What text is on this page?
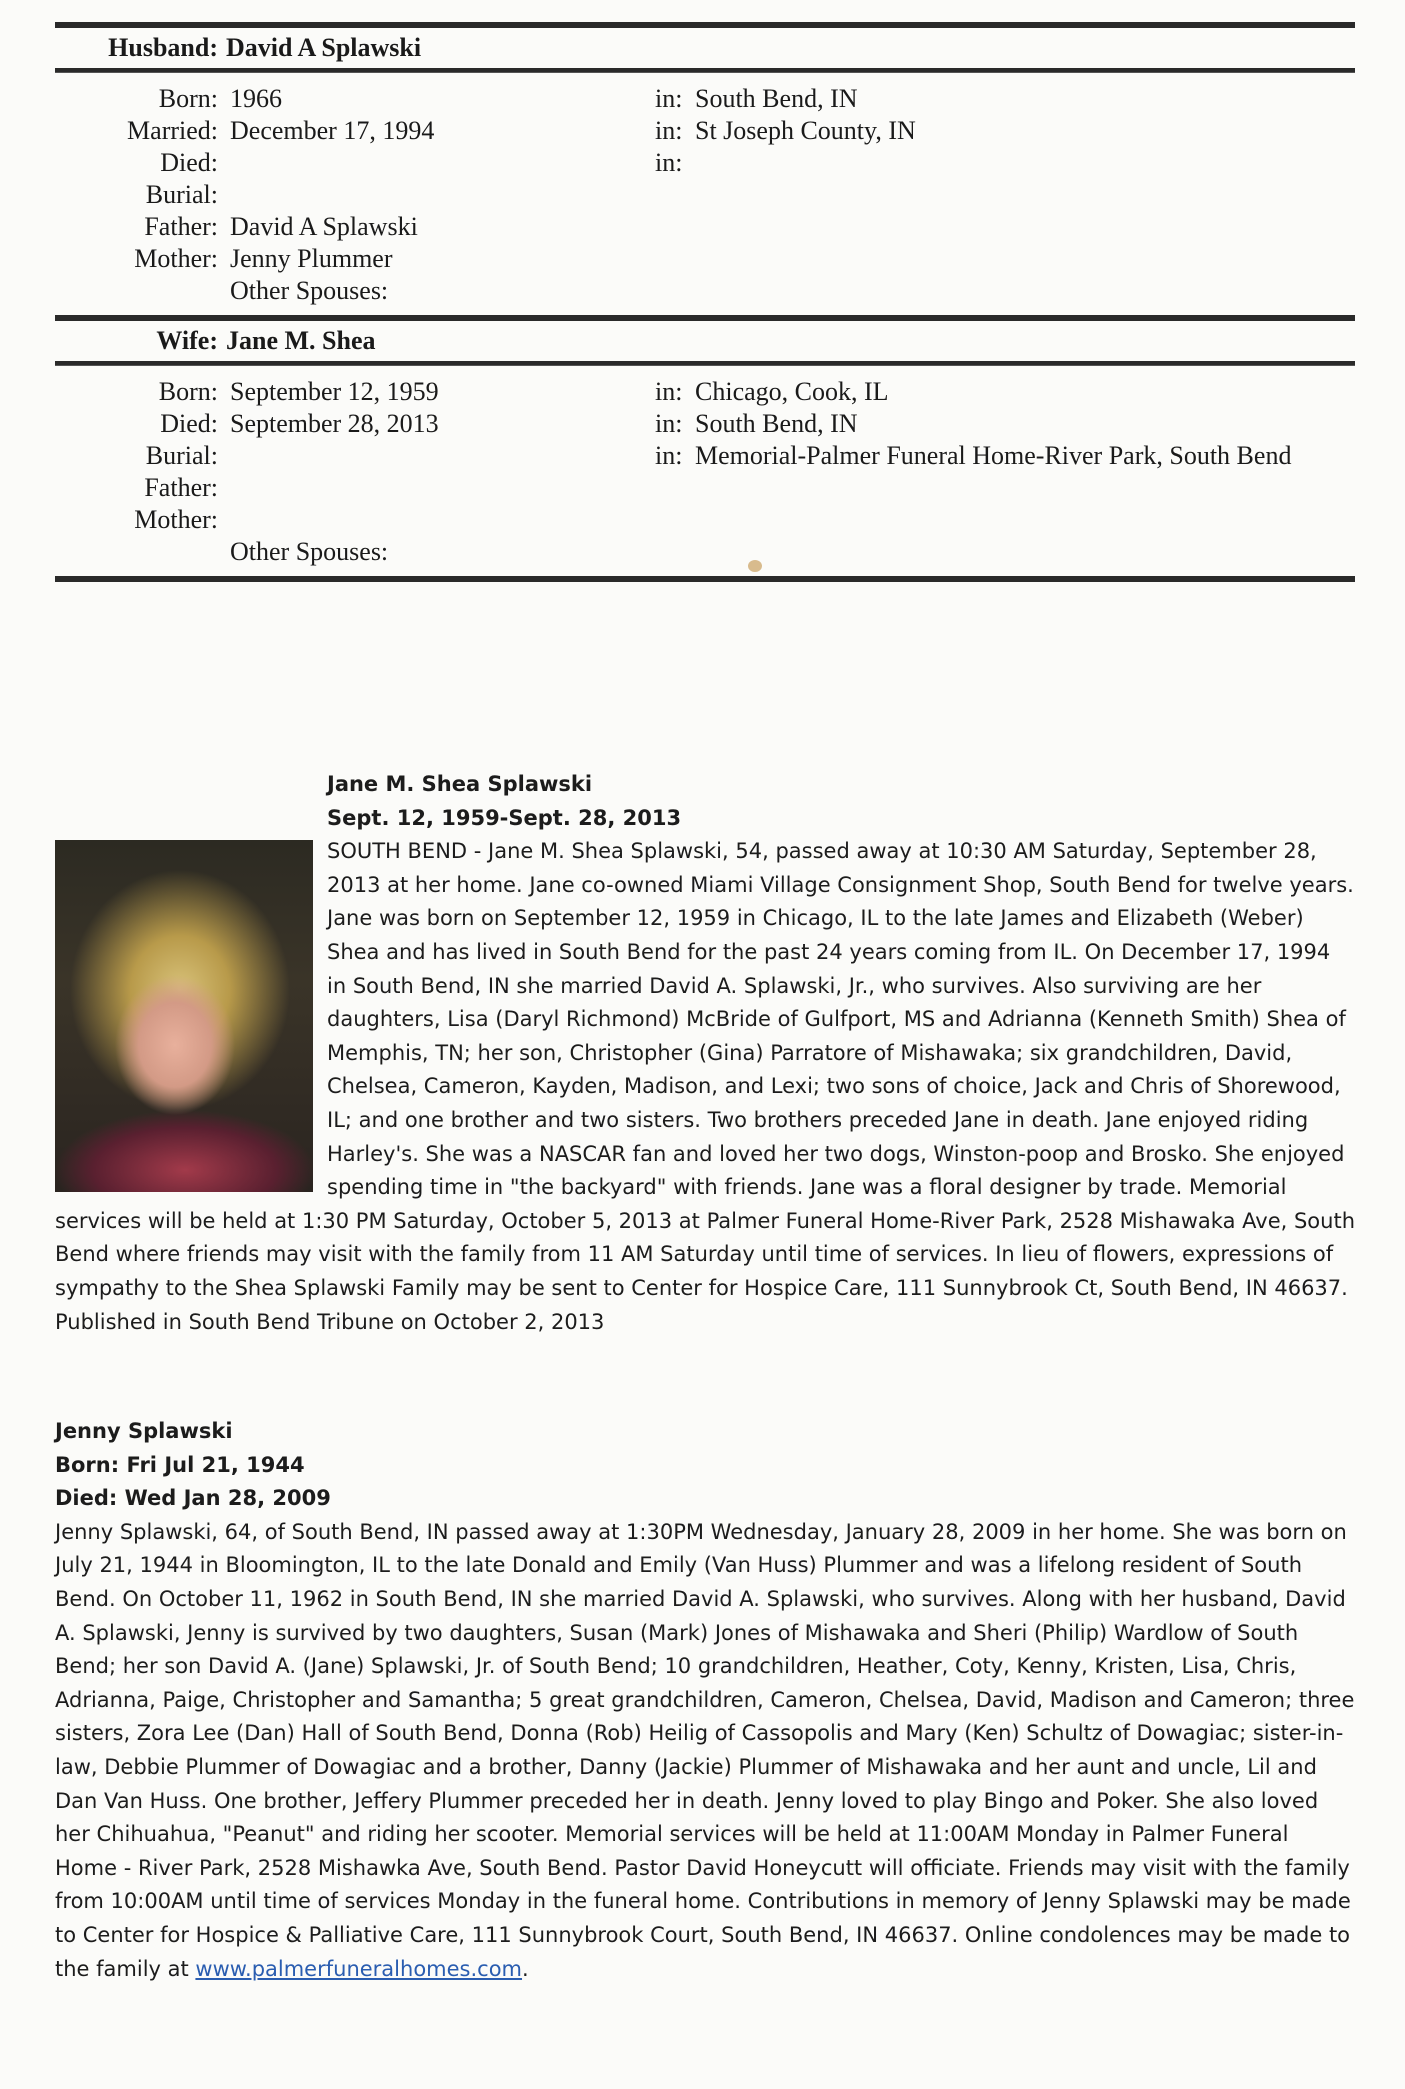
Husband: David A Splawski
Born: 1966	in: South Bend, IN
Married: December 17, 1994	in: St Joseph County, IN
Died:	in:
Burial:
Father: David A Splawski
Mother: Jenny Plummer
Other Spouses:
Wife: Jane M. Shea
Born: September 12, 1959	in: Chicago, Cook, IL
Died: September 28, 2013	in: South Bend, IN
Burial:	in: Memorial-Palmer Funeral Home-River Park, South Bend
Father:
Mother:
Other Spouses:
Jane M. Shea Splawski
Sept. 12, 1959-Sept. 28, 2013

SOUTH BEND - Jane M. Shea Splawski, 54, passed away at 10:30 AM Saturday, September 28, 2013 at her home. Jane co-owned Miami Village Consignment Shop, South Bend for twelve years. Jane was born on September 12, 1959 in Chicago, IL to the late James and Elizabeth (Weber) Shea and has lived in South Bend for the past 24 years coming from IL. On December 17, 1994 in South Bend, IN she married David A. Splawski, Jr., who survives. Also surviving are her daughters, Lisa (Daryl Richmond) McBride of Gulfport, MS and Adrianna (Kenneth Smith) Shea of Memphis, TN; her son, Christopher (Gina) Parratore of Mishawaka; six grandchildren, David, Chelsea, Cameron, Kayden, Madison, and Lexi; two sons of choice, Jack and Chris of Shorewood, IL; and one brother and two sisters. Two brothers preceded Jane in death. Jane enjoyed riding Harley's. She was a NASCAR fan and loved her two dogs, Winston-poop and Brosko. She enjoyed spending time in "the backyard" with friends. Jane was a floral designer by trade. Memorial services will be held at 1:30 PM Saturday, October 5, 2013 at Palmer Funeral Home-River Park, 2528 Mishawaka Ave, South Bend where friends may visit with the family from 11 AM Saturday until time of services. In lieu of flowers, expressions of sympathy to the Shea Splawski Family may be sent to Center for Hospice Care, 111 Sunnybrook Ct, South Bend, IN 46637.

Published in South Bend Tribune on October 2, 2013
Jenny Splawski
Born: Fri Jul 21, 1944
Died: Wed Jan 28, 2009

Jenny Splawski, 64, of South Bend, IN passed away at 1:30PM Wednesday, January 28, 2009 in her home. She was born on July 21, 1944 in Bloomington, IL to the late Donald and Emily (Van Huss) Plummer and was a lifelong resident of South Bend. On October 11, 1962 in South Bend, IN she married David A. Splawski, who survives. Along with her husband, David A. Splawski, Jenny is survived by two daughters, Susan (Mark) Jones of Mishawaka and Sheri (Philip) Wardlow of South Bend; her son David A. (Jane) Splawski, Jr. of South Bend; 10 grandchildren, Heather, Coty, Kenny, Kristen, Lisa, Chris, Adrianna, Paige, Christopher and Samantha; 5 great grandchildren, Cameron, Chelsea, David, Madison and Cameron; three sisters, Zora Lee (Dan) Hall of South Bend, Donna (Rob) Heilig of Cassopolis and Mary (Ken) Schultz of Dowagiac; sister-in-law, Debbie Plummer of Dowagiac and a brother, Danny (Jackie) Plummer of Mishawaka and her aunt and uncle, Lil and Dan Van Huss. One brother, Jeffery Plummer preceded her in death. Jenny loved to play Bingo and Poker. She also loved her Chihuahua, "Peanut" and riding her scooter. Memorial services will be held at 11:00AM Monday in Palmer Funeral Home - River Park, 2528 Mishawka Ave, South Bend. Pastor David Honeycutt will officiate. Friends may visit with the family from 10:00AM until time of services Monday in the funeral home. Contributions in memory of Jenny Splawski may be made to Center for Hospice & Palliative Care, 111 Sunnybrook Court, South Bend, IN 46637. Online condolences may be made to the family at www.palmerfuneralhomes.com.
